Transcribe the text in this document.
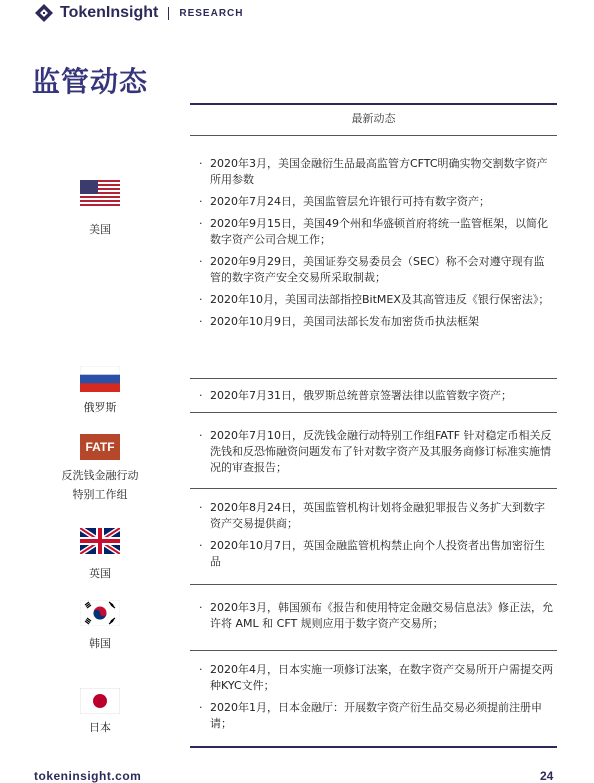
TokenInsight RESEARCH
监管动态
最新动态
美国
· 2020年3月，美国金融衍生品最高监管方CFTC明确实物交割数字资产所用参数
· 2020年7月24日，美国监管层允许银行可持有数字资产；
· 2020年9月15日，美国49个州和华盛顿首府将统一监管框架，以简化数字资产公司合规工作；
· 2020年9月29日，美国证券交易委员会（SEC）称不会对遵守现有监管的数字资产安全交易所采取制裁；
· 2020年10月，美国司法部指控BitMEX及其高管违反《银行保密法》；
· 2020年10月9日，美国司法部长发布加密货币执法框架
俄罗斯
· 2020年7月31日，俄罗斯总统普京签署法律以监管数字资产；
FATF
反洗钱金融行动特别工作组
· 2020年7月10日，反洗钱金融行动特别工作组FATF 针对稳定币相关反洗钱和反恐怖融资问题发布了针对数字资产及其服务商修订标准实施情况的审查报告；
英国
· 2020年8月24日，英国监管机构计划将金融犯罪报告义务扩大到数字资产交易提供商；
· 2020年10月7日，英国金融监管机构禁止向个人投资者出售加密衍生品
韩国
· 2020年3月，韩国颁布《报告和使用特定金融交易信息法》修正法，允许将 AML 和 CFT 规则应用于数字资产交易所；
日本
· 2020年4月，日本实施一项修订法案，在数字资产交易所开户需提交两种KYC文件；
· 2020年1月，日本金融厅：开展数字资产衍生品交易必须提前注册申请；
tokeninsight.com	24
